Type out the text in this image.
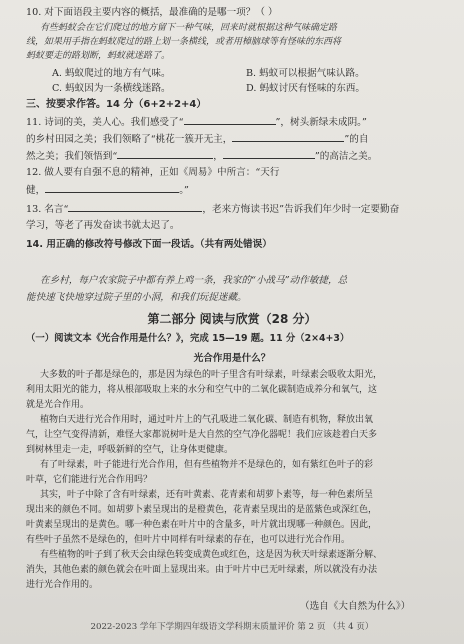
10. 对下面语段主要内容的概括，最准确的是哪一项？（ ）
有些蚂蚁会在它们爬过的地方留下一种气味，回来时就根据这种气味确定路
线，如果用手指在蚂蚁爬过的路上划一条横线，或者用樟脑球等有怪味的东西将
蚂蚁要走的路划断，蚂蚁就迷路了。
A. 蚂蚁爬过的地方有气味。	B. 蚂蚁可以根据气味认路。
C. 蚂蚁因为一条横线迷路。	D. 蚂蚁讨厌有怪味的东西。
三、按要求作答。14 分（6+2+2+4）
11. 诗词的美，美人心。我们感受了“	”，树头新绿未成阴。”
的乡村田园之美；我们领略了“桃花一簇开无主，	”的自
然之美；我们领悟到“	，	”的高洁之美。
12. 做人要有自强不息的精神，正如《周易》中所言：“天行
健，	。”
13. 名言“	，老来方悔读书迟”告诉我们年少时一定要勤奋
学习，等老了再发奋读书就太迟了。
14. 用正确的修改符号修改下面一段话。（共有两处错误）
在乡村，每户农家院子中都有养上鸡一条，我家的“小战马”动作敏捷，总
能快速飞快地穿过院子里的小洞，和我们玩捉迷藏。
第二部分 阅读与欣赏（28 分）
（一）阅读文本《光合作用是什么？》，完成 15—19 题。11 分（2×4+3）
光合作用是什么？
大多数的叶子都是绿色的，那是因为绿色的叶子里含有叶绿素，叶绿素会吸收太阳光，
利用太阳光的能力，将从根部吸取上来的水分和空气中的二氧化碳制造成养分和氧气，这
就是光合作用。
植物白天进行光合作用时，通过叶片上的气孔吸进二氧化碳、制造有机物，释放出氧
气，让空气变得清新，难怪大家都说树叶是大自然的空气净化器呢！我们应该趁着白天多
到树林里走一走，呼吸新鲜的空气，让身体更健康。
有了叶绿素，叶子能进行光合作用，但有些植物并不是绿色的，如有紫红色叶子的彩
叶草，它们能进行光合作用吗？
其实，叶子中除了含有叶绿素，还有叶黄素、花青素和胡萝卜素等，每一种色素所呈
现出来的颜色不同。如胡萝卜素呈现出的是橙黄色，花青素呈现出的是蓝紫色或深红色，
叶黄素呈现出的是黄色。哪一种色素在叶片中的含量多，叶片就出现哪一种颜色。因此，
有些叶子虽然不是绿色的，但叶片中同样有叶绿素的存在，也可以进行光合作用。
有些植物的叶子到了秋天会由绿色转变成黄色或红色，这是因为秋天叶绿素逐渐分解、
消失，其他色素的颜色就会在叶面上显现出来。由于叶片中已无叶绿素，所以就没有办法
进行光合作用的。
（选自《大自然为什么》）
2022-2023 学年下学期四年级语文学科期末质量评价 第 2 页 （共 4 页）
